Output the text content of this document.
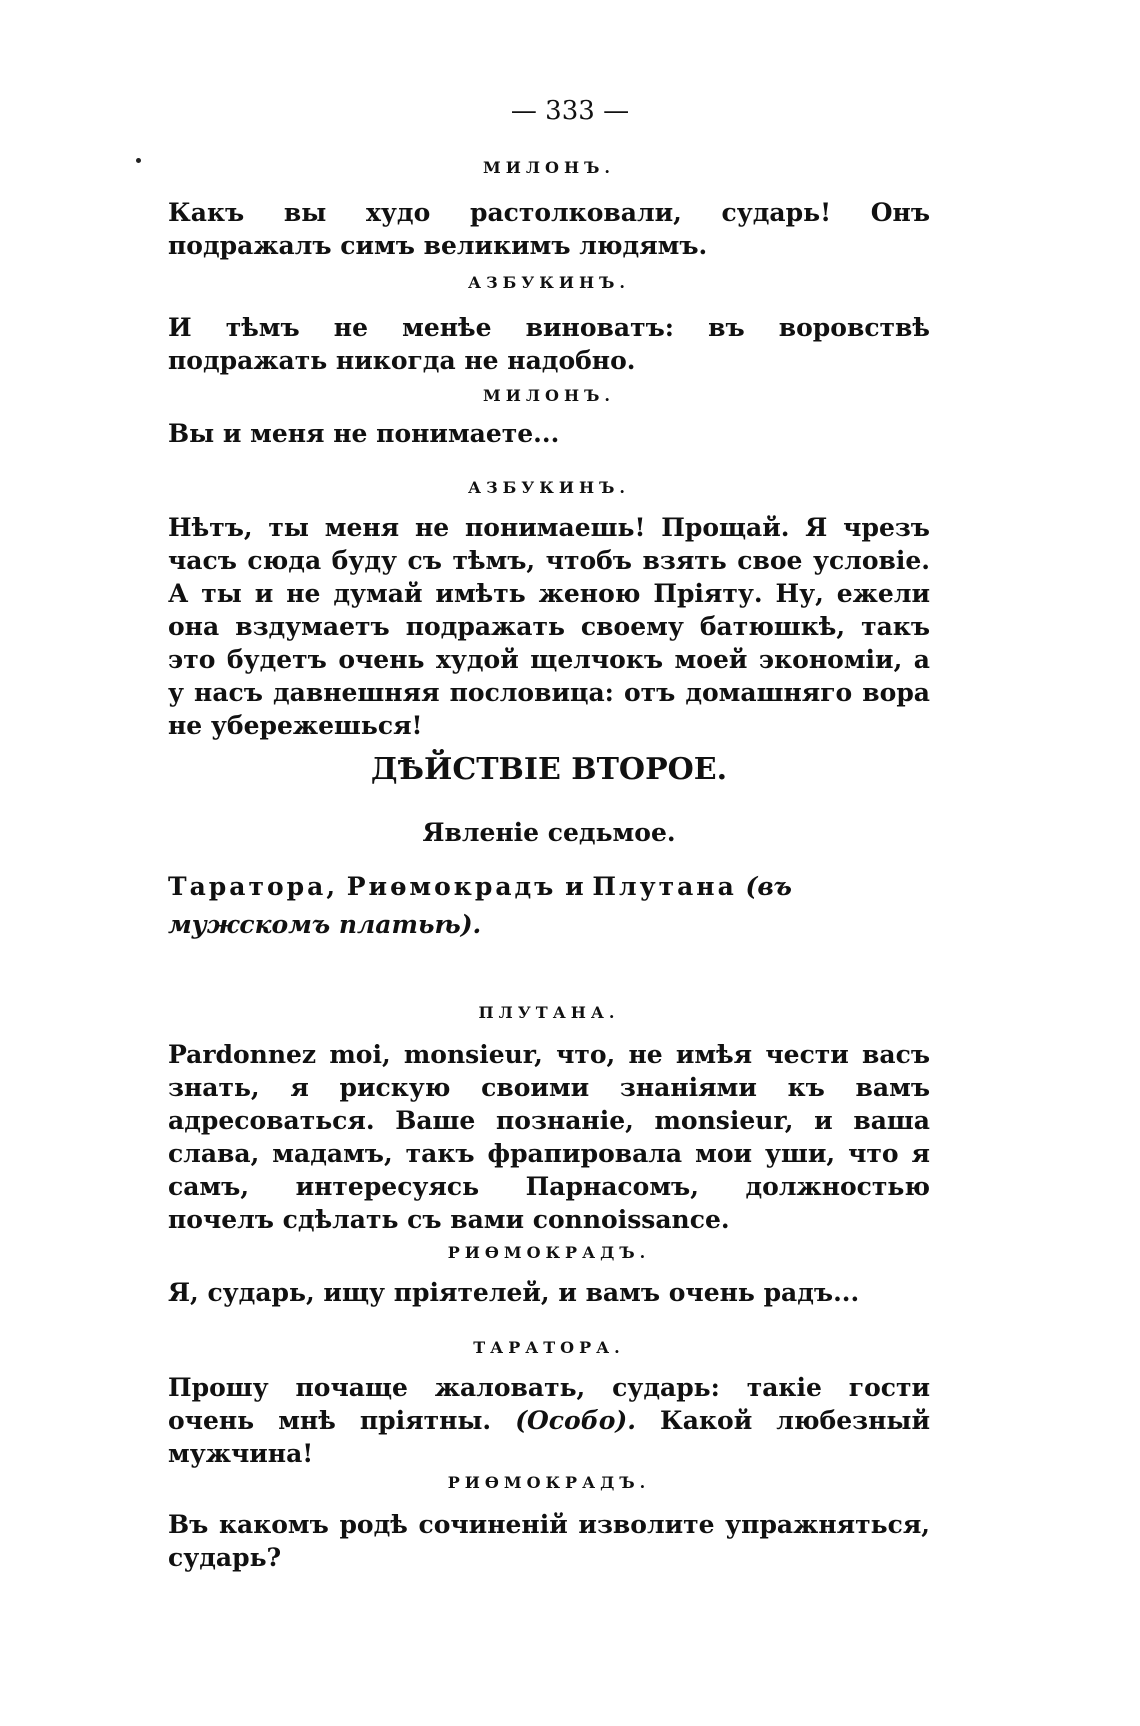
— 333 —
МИЛОНЪ.

Какъ вы худо растолковали, сударь! Онъ подражалъ симъ великимъ людямъ.

АЗБУКИНЪ.

И тѣмъ не менѣе виноватъ: въ воровствѣ подражать никогда не надобно.

МИЛОНЪ.

Вы и меня не понимаете...

АЗБУКИНЪ.

Нѣтъ, ты меня не понимаешь! Прощай. Я чрезъ часъ сюда буду съ тѣмъ, чтобъ взять свое условіе. А ты и не думай имѣть женою Пріяту. Ну, ежели она вздумаетъ подражать своему батюшкѣ, такъ это будетъ очень худой щелчокъ моей экономіи, а у насъ давнешняя пословица: отъ домашняго вора не убережешься!

ДѢЙСТВІЕ ВТОРОЕ.
Явленіе седьмое.

Таратора, Риѳмокрадъ и Плутана (въ мужскомъ платьѣ).

ПЛУТАНА.

Pardonnez moi, monsieur, что, не имѣя чести васъ знать, я рискую своими знаніями къ вамъ адресоваться. Ваше познаніе, monsieur, и ваша слава, мадамъ, такъ фрапировала мои уши, что я самъ, интересуясь Парнасомъ, должностью почелъ сдѣлать съ вами connoissance.

РИѲМОКРАДЪ.

Я, сударь, ищу пріятелей, и вамъ очень радъ...

ТАРАТОРА.

Прошу почаще жаловать, сударь: такіе гости очень мнѣ пріятны. (Особо). Какой любезный мужчина!

РИѲМОКРАДЪ.

Въ какомъ родѣ сочиненій изволите упражняться, сударь?
